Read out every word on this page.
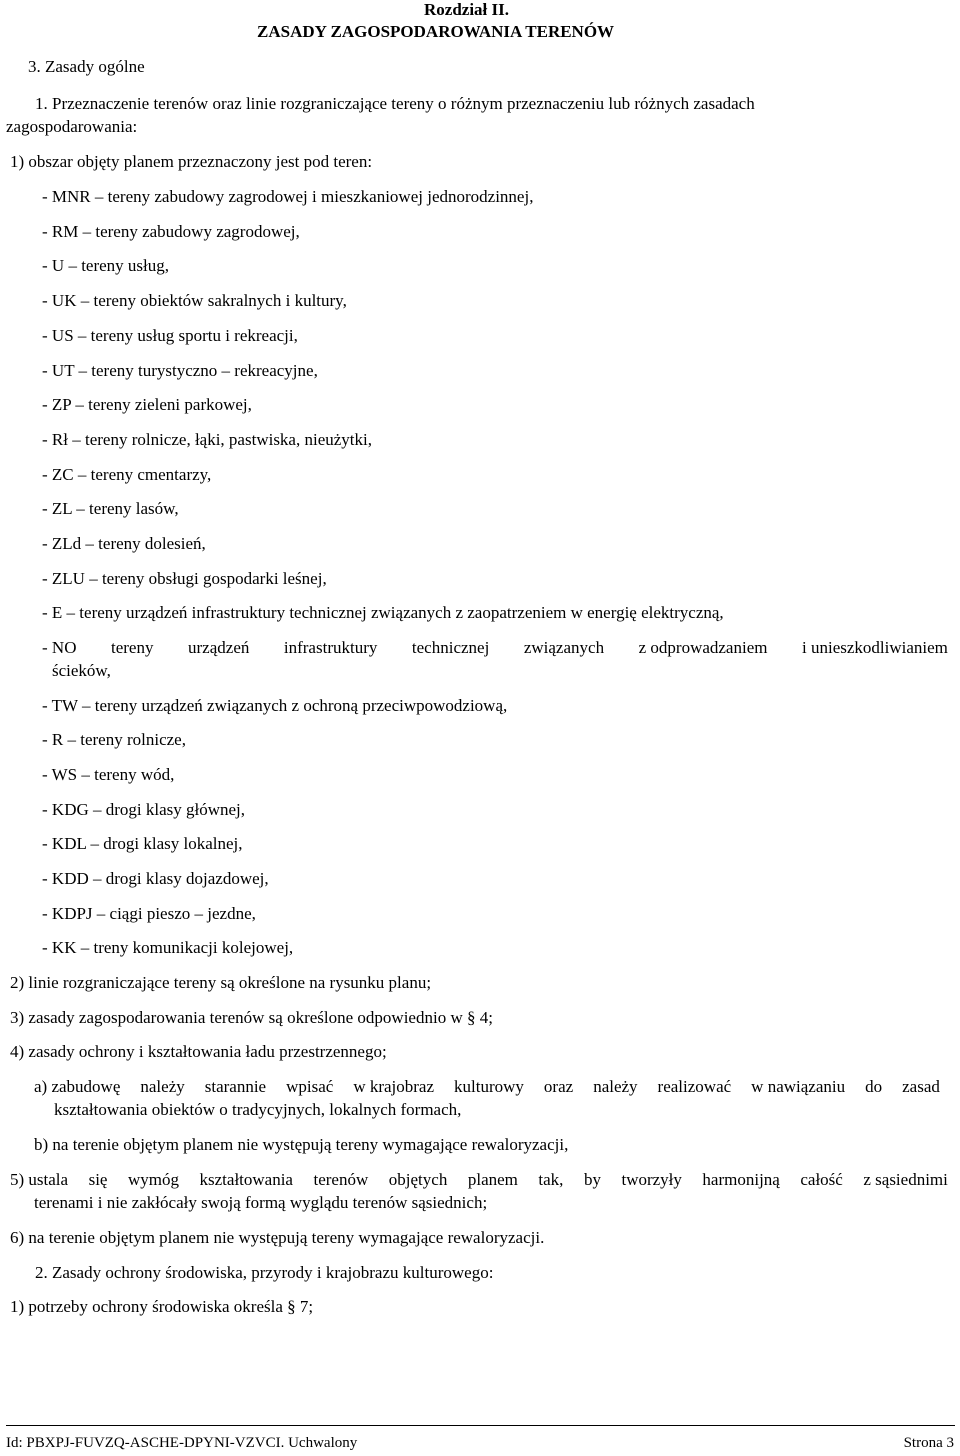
Rozdział II.

ZASADY ZAGOSPODAROWANIA TERENÓW

3. Zasady ogólne

1. Przeznaczenie terenów oraz linie rozgraniczające tereny o różnym przeznaczeniu lub różnych zasadach

zagospodarowania:

1) obszar objęty planem przeznaczony jest pod teren:

- MNR – tereny zabudowy zagrodowej i mieszkaniowej jednorodzinnej,

- RM – tereny zabudowy zagrodowej,

- U – tereny usług,

- UK – tereny obiektów sakralnych i kultury,

- US – tereny usług sportu i rekreacji,

- UT – tereny turystyczno – rekreacyjne,

- ZP – tereny zieleni parkowej,

- Rł – tereny rolnicze, łąki, pastwiska, nieużytki,

- ZC – tereny cmentarzy,

- ZL – tereny lasów,

- ZLd – tereny dolesień,

- ZLU – tereny obsługi gospodarki leśnej,

- E – tereny urządzeń infrastruktury technicznej związanych z zaopatrzeniem w energię elektryczną,

- NO tereny urządzeń infrastruktury technicznej związanych z odprowadzaniem i unieszkodliwianiem

ścieków,

- TW – tereny urządzeń związanych z ochroną przeciwpowodziową,

- R – tereny rolnicze,

- WS – tereny wód,

- KDG – drogi klasy głównej,

- KDL – drogi klasy lokalnej,

- KDD – drogi klasy dojazdowej,

- KDPJ – ciągi pieszo – jezdne,

- KK – treny komunikacji kolejowej,

2) linie rozgraniczające tereny są określone na rysunku planu;

3) zasady zagospodarowania terenów są określone odpowiednio w § 4;

4) zasady ochrony i kształtowania ładu przestrzennego;

a) zabudowę należy starannie wpisać w krajobraz kulturowy oraz należy realizować w nawiązaniu do zasad

kształtowania obiektów o tradycyjnych, lokalnych formach,

b) na terenie objętym planem nie występują tereny wymagające rewaloryzacji,

5) ustala się wymóg kształtowania terenów objętych planem tak, by tworzyły harmonijną całość z sąsiednimi

terenami i nie zakłócały swoją formą wyglądu terenów sąsiednich;

6) na terenie objętym planem nie występują tereny wymagające rewaloryzacji.

2. Zasady ochrony środowiska, przyrody i krajobrazu kulturowego:

1) potrzeby ochrony środowiska określa § 7;

Id: PBXPJ-FUVZQ-ASCHE-DPYNI-VZVCI. Uchwalony	Strona 3
